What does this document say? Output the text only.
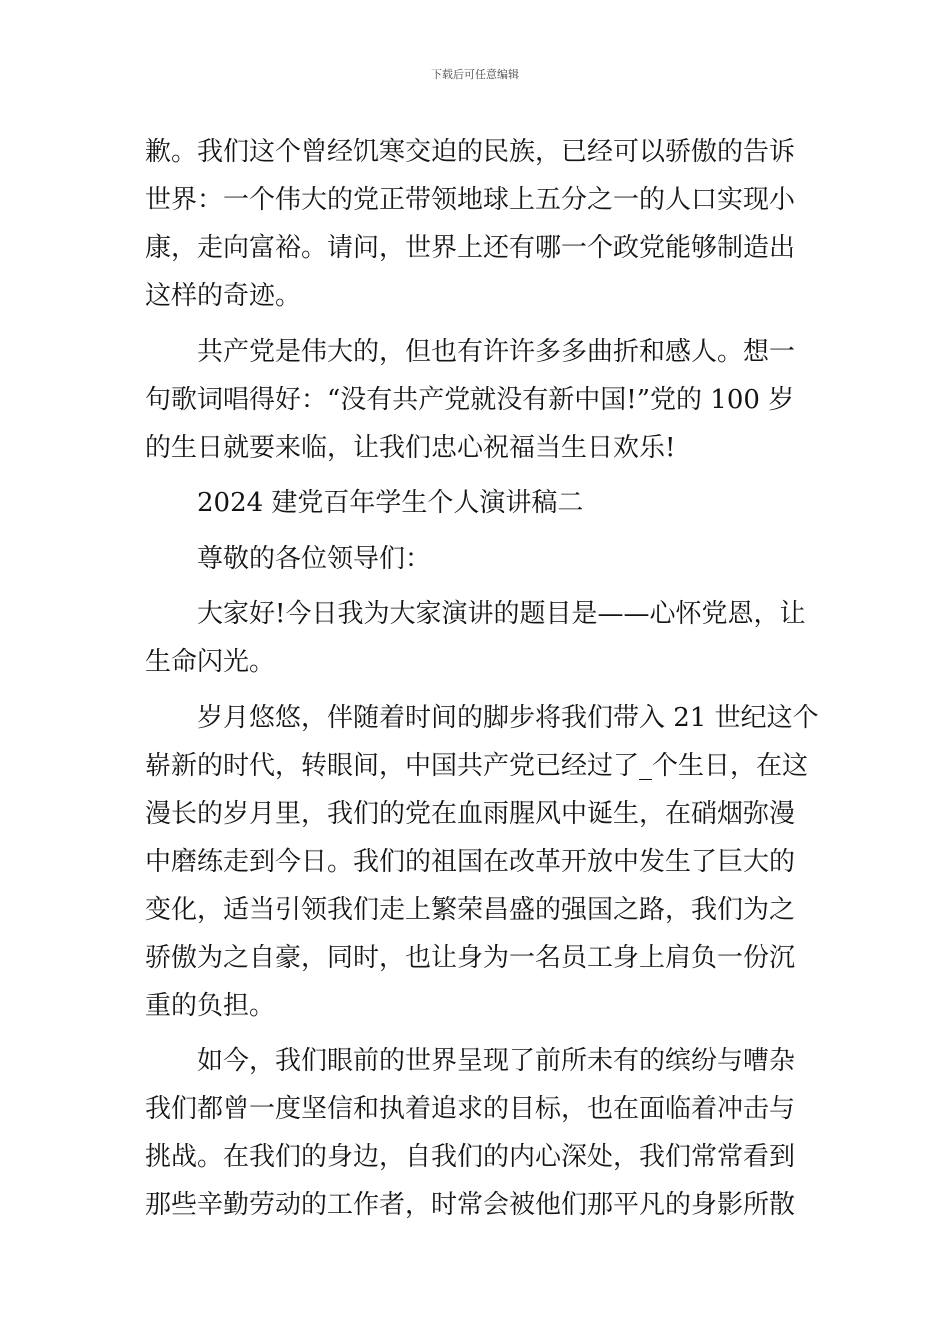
下载后可任意编辑
歉。我们这个曾经饥寒交迫的民族，已经可以骄傲的告诉
世界：一个伟大的党正带领地球上五分之一的人口实现小
康，走向富裕。请问，世界上还有哪一个政党能够制造出
这样的奇迹。
共产党是伟大的，但也有许许多多曲折和感人。想一
句歌词唱得好：“没有共产党就没有新中国!”党的 100 岁
的生日就要来临，让我们忠心祝福当生日欢乐!
2024 建党百年学生个人演讲稿二
尊敬的各位领导们：
大家好!今日我为大家演讲的题目是——心怀党恩，让
生命闪光。
岁月悠悠，伴随着时间的脚步将我们带入 21 世纪这个
崭新的时代，转眼间，中国共产党已经过了_个生日，在这
漫长的岁月里，我们的党在血雨腥风中诞生，在硝烟弥漫
中磨练走到今日。我们的祖国在改革开放中发生了巨大的
变化，适当引领我们走上繁荣昌盛的强国之路，我们为之
骄傲为之自豪，同时，也让身为一名员工身上肩负一份沉
重的负担。
如今，我们眼前的世界呈现了前所未有的缤纷与嘈杂
我们都曾一度坚信和执着追求的目标，也在面临着冲击与
挑战。在我们的身边，自我们的内心深处，我们常常看到
那些辛勤劳动的工作者，时常会被他们那平凡的身影所散
